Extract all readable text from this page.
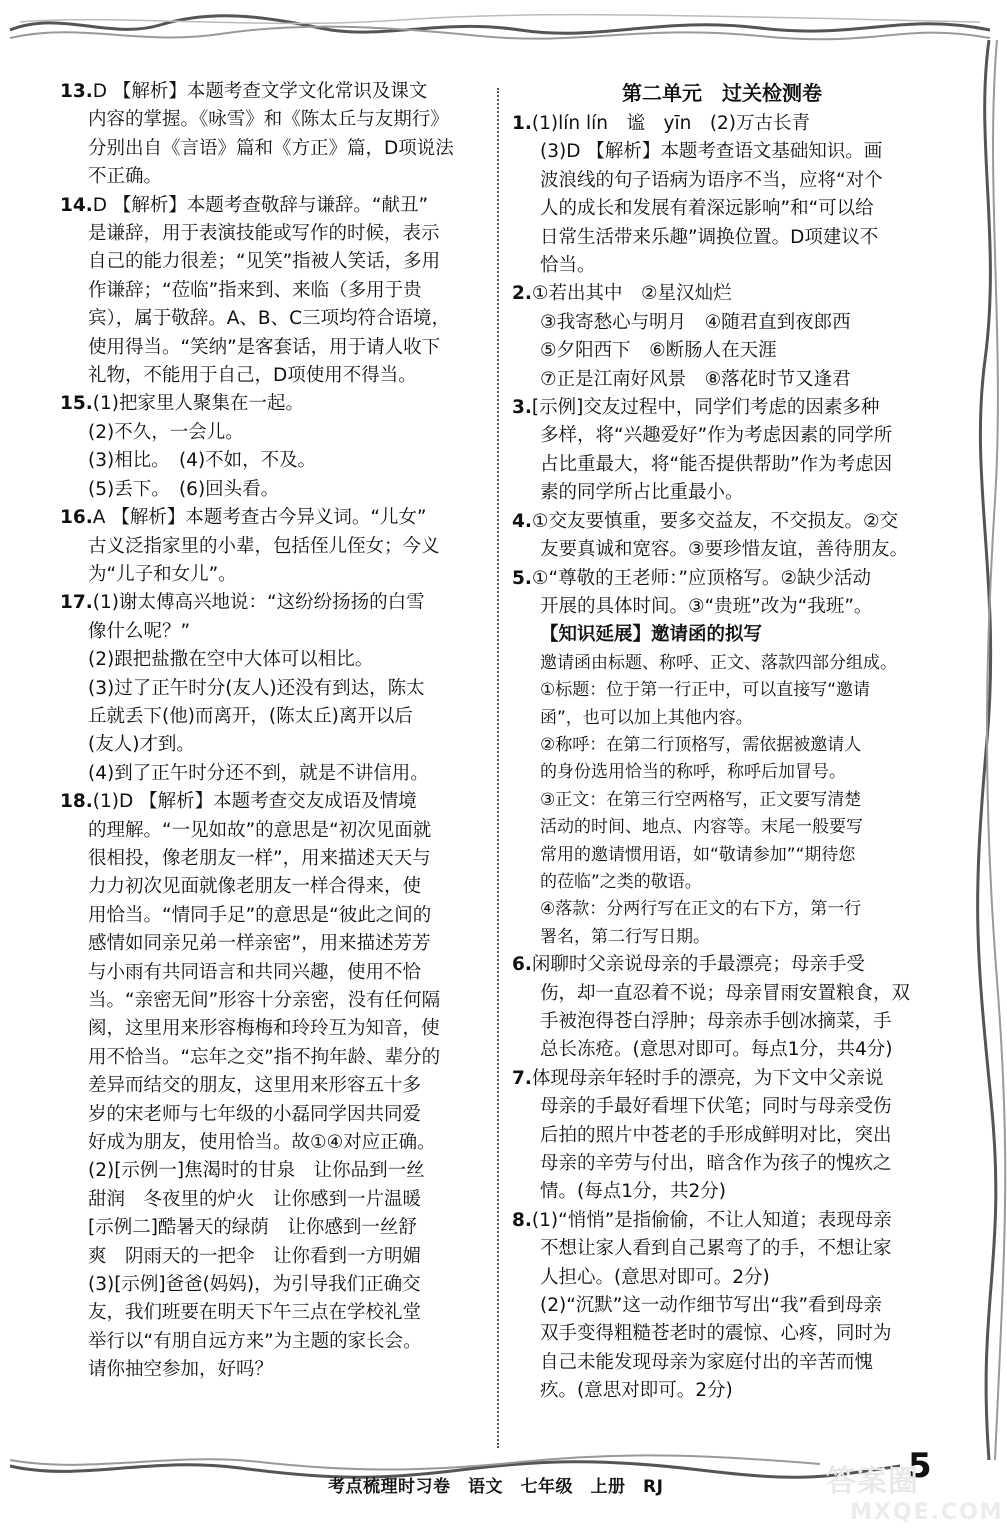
13.D 【解析】本题考查文学文化常识及课文

内容的掌握。《咏雪》和《陈太丘与友期行》

分别出自《言语》篇和《方正》篇，D项说法

不正确。

14.D 【解析】本题考查敬辞与谦辞。“献丑”

是谦辞，用于表演技能或写作的时候，表示

自己的能力很差；“见笑”指被人笑话，多用

作谦辞；“莅临”指来到、来临（多用于贵

宾），属于敬辞。A、B、C三项均符合语境，

使用得当。“笑纳”是客套话，用于请人收下

礼物，不能用于自己，D项使用不得当。

15.(1)把家里人聚集在一起。

(2)不久，一会儿。

(3)相比。　(4)不如，不及。

(5)丢下。　(6)回头看。

16.A 【解析】本题考查古今异义词。“儿女”

古义泛指家里的小辈，包括侄儿侄女；今义

为“儿子和女儿”。

17.(1)谢太傅高兴地说：“这纷纷扬扬的白雪

像什么呢？”

(2)跟把盐撒在空中大体可以相比。

(3)过了正午时分(友人)还没有到达，陈太

丘就丢下(他)而离开，(陈太丘)离开以后

(友人)才到。

(4)到了正午时分还不到，就是不讲信用。

18.(1)D 【解析】本题考查交友成语及情境

的理解。“一见如故”的意思是“初次见面就

很相投，像老朋友一样”，用来描述天天与

力力初次见面就像老朋友一样合得来，使

用恰当。“情同手足”的意思是“彼此之间的

感情如同亲兄弟一样亲密”，用来描述芳芳

与小雨有共同语言和共同兴趣，使用不恰

当。“亲密无间”形容十分亲密，没有任何隔

阂，这里用来形容梅梅和玲玲互为知音，使

用不恰当。“忘年之交”指不拘年龄、辈分的

差异而结交的朋友，这里用来形容五十多

岁的宋老师与七年级的小磊同学因共同爱

好成为朋友，使用恰当。故①④对应正确。

(2)[示例一]焦渴时的甘泉　让你品到一丝

甜润　冬夜里的炉火　让你感到一片温暖

[示例二]酷暑天的绿荫　让你感到一丝舒

爽　阴雨天的一把伞　让你看到一方明媚

(3)[示例]爸爸(妈妈)，为引导我们正确交

友，我们班要在明天下午三点在学校礼堂

举行以“有朋自远方来”为主题的家长会。

请你抽空参加，好吗？

第二单元　过关检测卷

1.(1)lín lín　谧　yīn　(2)万古长青

(3)D 【解析】本题考查语文基础知识。画

波浪线的句子语病为语序不当，应将“对个

人的成长和发展有着深远影响”和“可以给

日常生活带来乐趣”调换位置。D项建议不

恰当。

2.①若出其中　②星汉灿烂

③我寄愁心与明月　④随君直到夜郎西

⑤夕阳西下　⑥断肠人在天涯

⑦正是江南好风景　⑧落花时节又逢君

3.[示例]交友过程中，同学们考虑的因素多种

多样，将“兴趣爱好”作为考虑因素的同学所

占比重最大，将“能否提供帮助”作为考虑因

素的同学所占比重最小。

4.①交友要慎重，要多交益友，不交损友。②交

友要真诚和宽容。③要珍惜友谊，善待朋友。

5.①“尊敬的王老师：”应顶格写。②缺少活动

开展的具体时间。③“贵班”改为“我班”。

【知识延展】邀请函的拟写

邀请函由标题、称呼、正文、落款四部分组成。

①标题：位于第一行正中，可以直接写“邀请

函”，也可以加上其他内容。

②称呼：在第二行顶格写，需依据被邀请人

的身份选用恰当的称呼，称呼后加冒号。

③正文：在第三行空两格写，正文要写清楚

活动的时间、地点、内容等。末尾一般要写

常用的邀请惯用语，如“敬请参加”“期待您

的莅临”之类的敬语。

④落款：分两行写在正文的右下方，第一行

署名，第二行写日期。

6.闲聊时父亲说母亲的手最漂亮；母亲手受

伤，却一直忍着不说；母亲冒雨安置粮食，双

手被泡得苍白浮肿；母亲赤手刨冰摘菜，手

总长冻疮。(意思对即可。每点1分，共4分)

7.体现母亲年轻时手的漂亮，为下文中父亲说

母亲的手最好看埋下伏笔；同时与母亲受伤

后拍的照片中苍老的手形成鲜明对比，突出

母亲的辛劳与付出，暗含作为孩子的愧疚之

情。(每点1分，共2分)

8.(1)“悄悄”是指偷偷，不让人知道；表现母亲

不想让家人看到自己累弯了的手，不想让家

人担心。(意思对即可。2分)

(2)“沉默”这一动作细节写出“我”看到母亲

双手变得粗糙苍老时的震惊、心疼，同时为

自己未能发现母亲为家庭付出的辛苦而愧

疚。(意思对即可。2分)

考点梳理时习卷　语文　七年级　上册　RJ
5
答案圈
MXQE.COM
